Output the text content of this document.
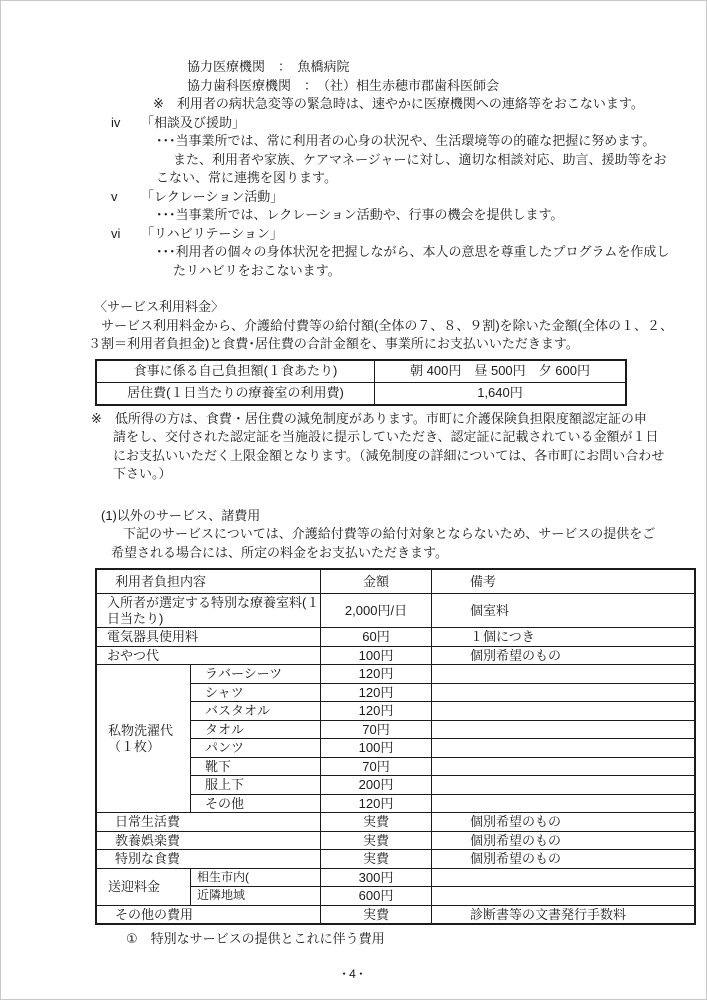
協力医療機関　：　魚橋病院
協力歯科医療機関　：　（社）相生赤穂市郡歯科医師会
※　利用者の病状急変等の緊急時は、速やかに医療機関への連絡等をおこないます。
iv 「相談及び援助」
･･･当事業所では、常に利用者の心身の状況や、生活環境等の的確な把握に努めます。
また、利用者や家族、ケアマネージャーに対し、適切な相談対応、助言、援助等をお
こない、常に連携を図ります。
v 「レクレーション活動」
･･･当事業所では、レクレーション活動や、行事の機会を提供します。
vi 「リハビリテーション」
･･･利用者の個々の身体状況を把握しながら、本人の意思を尊重したプログラムを作成し
たリハビリをおこないます。
〈サービス利用料金〉
サービス利用料金から、介護給付費等の給付額(全体の７、８、９割)を除いた金額(全体の１、２、
３割＝利用者負担金)と食費･居住費の合計金額を、事業所にお支払いいただきます。
食事に係る自己負担額(１食あたり)	朝 400円　昼 500円　夕 600円
居住費(１日当たりの療養室の利用費)	1,640円
※　低所得の方は、食費・居住費の減免制度があります。市町に介護保険負担限度額認定証の申
請をし、交付された認定証を当施設に提示していただき、認定証に記載されている金額が１日
にお支払いいただく上限金額となります。（減免制度の詳細については、各市町にお問い合わせ
下さい。）
(1)以外のサービス、諸費用
下記のサービスについては、介護給付費等の給付対象とならないため、サービスの提供をご
希望される場合には、所定の料金をお支払いただきます。
利用者負担内容		金額	備考
入所者が選定する特別な療養室料(１日当たり)		2,000円/日	個室料
電気器具使用料		60円	１個につき
おやつ代		100円	個別希望のもの
私物洗濯代
（１枚）	ラバーシーツ	120円	
	シャツ	120円	
	バスタオル	120円	
	タオル	70円	
	パンツ	100円	
	靴下	70円	
	服上下	200円	
	その他	120円	
日常生活費		実費	個別希望のもの
教養娯楽費		実費	個別希望のもの
特別な食費		実費	個別希望のもの
送迎料金	相生市内(	300円	
	近隣地域	600円	
その他の費用		実費	診断書等の文書発行手数料
①　特別なサービスの提供とこれに伴う費用
･4･
